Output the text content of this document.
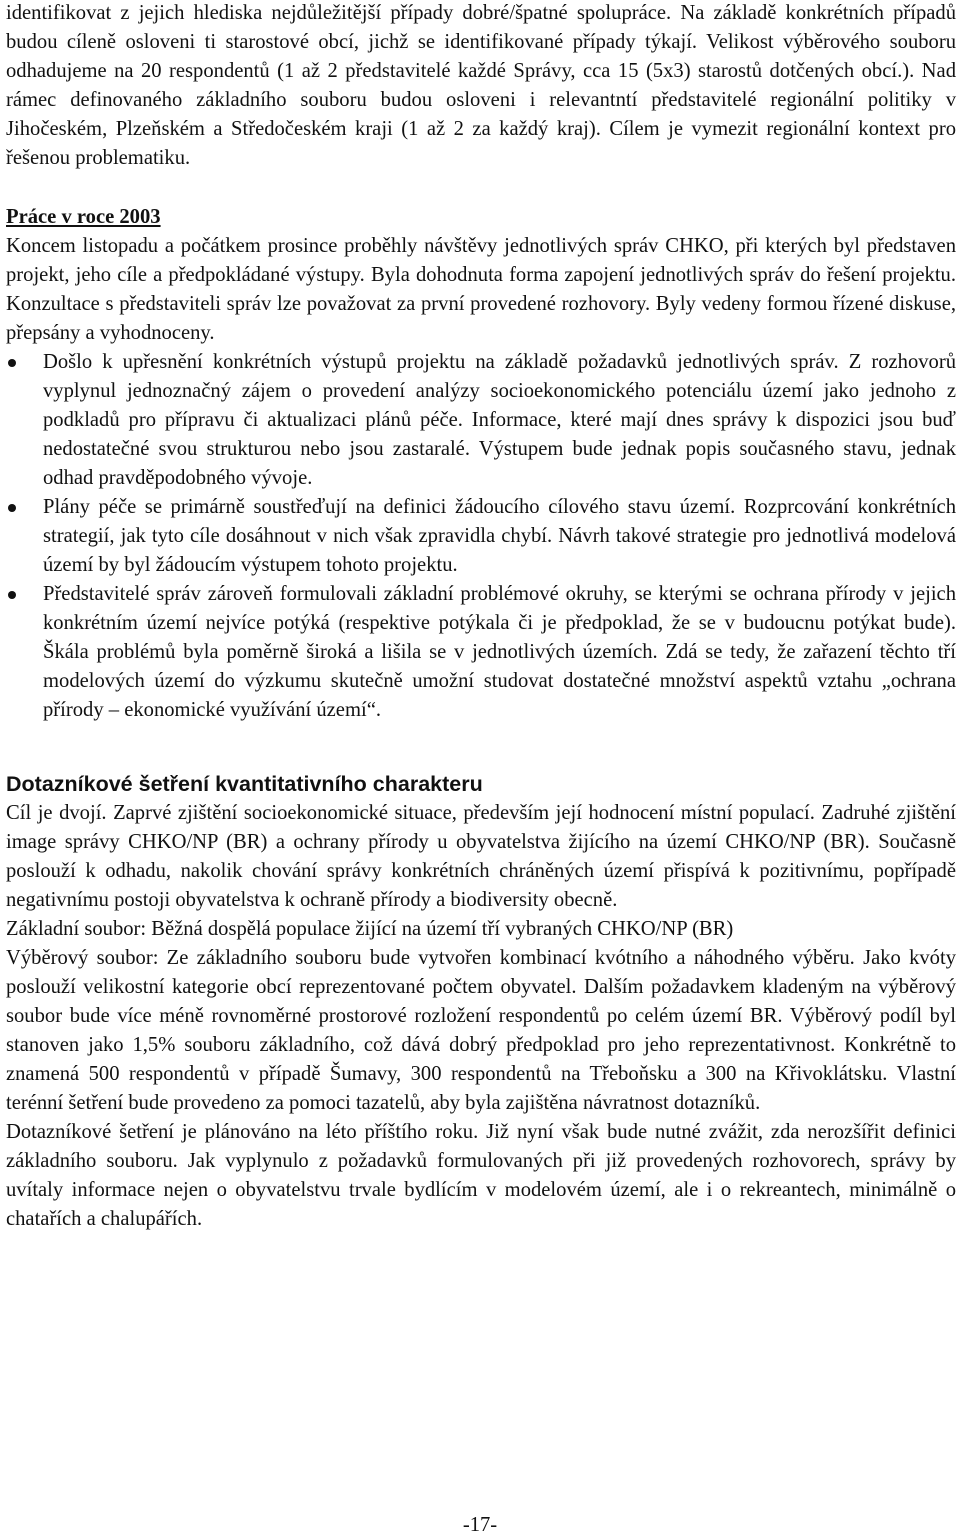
identifikovat z jejich hlediska nejdůležitější případy dobré/špatné spolupráce. Na základě konkrétních případů budou cíleně osloveni ti starostové obcí, jichž se identifikované případy týkají. Velikost výběrového souboru odhadujeme na 20 respondentů (1 až 2 představitelé každé Správy, cca 15 (5x3) starostů dotčených obcí.). Nad rámec definovaného základního souboru budou osloveni i relevantntí představitelé regionální politiky v Jihočeském, Plzeňském a Středočeském kraji (1 až 2 za každý kraj). Cílem je vymezit regionální kontext pro řešenou problematiku.

Práce v roce 2003

Koncem listopadu a počátkem prosince proběhly návštěvy jednotlivých správ CHKO, při kterých byl představen projekt, jeho cíle a předpokládané výstupy. Byla dohodnuta forma zapojení jednotlivých správ do řešení projektu. Konzultace s představiteli správ lze považovat za první provedené rozhovory. Byly vedeny formou řízené diskuse, přepsány a vyhodnoceny.

Došlo k upřesnění konkrétních výstupů projektu na základě požadavků jednotlivých správ. Z rozhovorů vyplynul jednoznačný zájem o provedení analýzy socioekonomického potenciálu území jako jednoho z podkladů pro přípravu či aktualizaci plánů péče. Informace, které mají dnes správy k dispozici jsou buď nedostatečné svou strukturou nebo jsou zastaralé. Výstupem bude jednak popis současného stavu, jednak odhad pravděpodobného vývoje.
Plány péče se primárně soustřeďují na definici žádoucího cílového stavu území. Rozprcování konkrétních strategií, jak tyto cíle dosáhnout v nich však zpravidla chybí. Návrh takové strategie pro jednotlivá modelová území by byl žádoucím výstupem tohoto projektu.
Představitelé správ zároveň formulovali základní problémové okruhy, se kterými se ochrana přírody v jejich konkrétním území nejvíce potýká (respektive potýkala či je předpoklad, že se v budoucnu potýkat bude). Škála problémů byla poměrně široká a lišila se v jednotlivých územích. Zdá se tedy, že zařazení těchto tří modelových území do výzkumu skutečně umožní studovat dostatečné množství aspektů vztahu „ochrana přírody – ekonomické využívání území“.
Dotazníkové šetření kvantitativního charakteru

Cíl je dvojí. Zaprvé zjištění socioekonomické situace, především její hodnocení místní populací. Zadruhé zjištění image správy CHKO/NP (BR) a ochrany přírody u obyvatelstva žijícího na území CHKO/NP (BR). Současně poslouží k odhadu, nakolik chování správy konkrétních chráněných území přispívá k pozitivnímu, popřípadě negativnímu postoji obyvatelstva k ochraně přírody a biodiversity obecně.

Základní soubor: Běžná dospělá populace žijící na území tří vybraných CHKO/NP (BR)

Výběrový soubor: Ze základního souboru bude vytvořen kombinací kvótního a náhodného výběru. Jako kvóty poslouží velikostní kategorie obcí reprezentované počtem obyvatel. Dalším požadavkem kladeným na výběrový soubor bude více méně rovnoměrné prostorové rozložení respondentů po celém území BR. Výběrový podíl byl stanoven jako 1,5% souboru základního, což dává dobrý předpoklad pro jeho reprezentativnost. Konkrétně to znamená 500 respondentů v případě Šumavy, 300 respondentů na Třeboňsku a 300 na Křivoklátsku. Vlastní terénní šetření bude provedeno za pomoci tazatelů, aby byla zajištěna návratnost dotazníků.

Dotazníkové šetření je plánováno na léto příštího roku. Již nyní však bude nutné zvážit, zda nerozšířit definici základního souboru. Jak vyplynulo z požadavků formulovaných při již provedených rozhovorech, správy by uvítaly informace nejen o obyvatelstvu trvale bydlícím v modelovém území, ale i o rekreantech, minimálně o chatařích a chalupářích.

-17-
